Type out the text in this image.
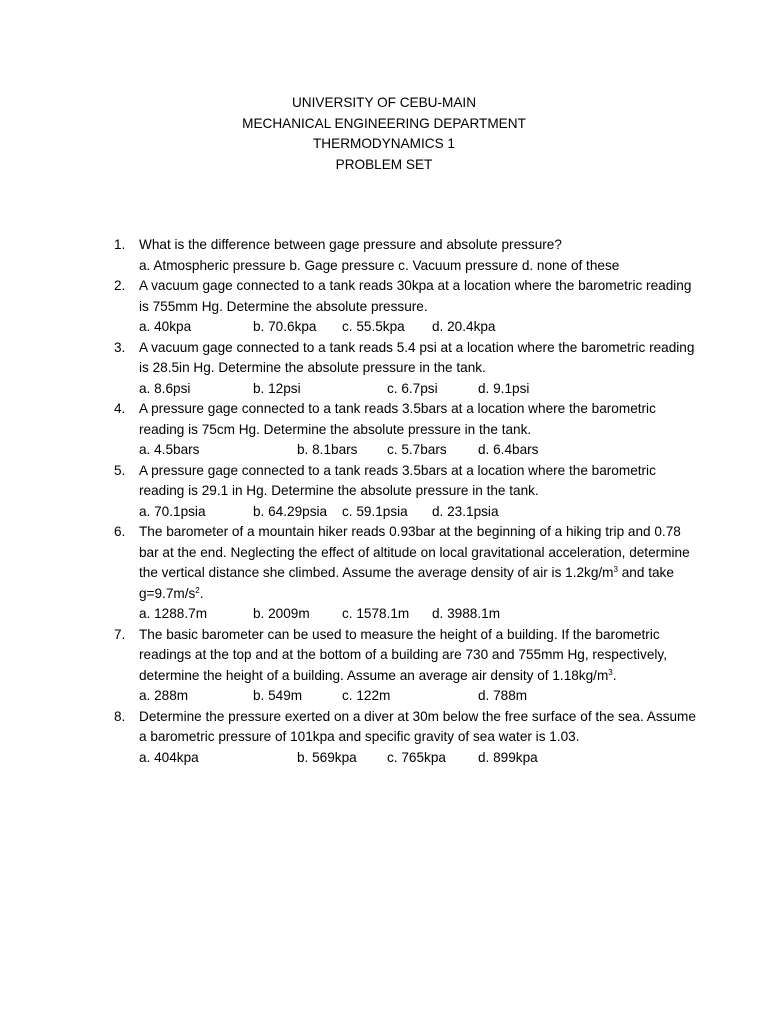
UNIVERSITY OF CEBU-MAIN
MECHANICAL ENGINEERING DEPARTMENT
THERMODYNAMICS 1
PROBLEM SET
1. What is the difference between gage pressure and absolute pressure?
a. Atmospheric pressure b. Gage pressure c. Vacuum pressure d. none of these
2. A vacuum gage connected to a tank reads 30kpa at a location where the barometric reading is 755mm Hg. Determine the absolute pressure.
a. 40kpa	b. 70.6kpa c. 55.5kpa d. 20.4kpa
3. A vacuum gage connected to a tank reads 5.4 psi at a location where the barometric reading is 28.5in Hg. Determine the absolute pressure in the tank.
a. 8.6psi	b. 12psi	c. 6.7psi	d. 9.1psi
4. A pressure gage connected to a tank reads 3.5bars at a location where the barometric reading is 75cm Hg. Determine the absolute pressure in the tank.
a. 4.5bars	b. 8.1bars c. 5.7bars d. 6.4bars
5. A pressure gage connected to a tank reads 3.5bars at a location where the barometric reading is 29.1 in Hg. Determine the absolute pressure in the tank.
a. 70.1psia	b. 64.29psia c. 59.1psia d. 23.1psia
6. The barometer of a mountain hiker reads 0.93bar at the beginning of a hiking trip and 0.78 bar at the end. Neglecting the effect of altitude on local gravitational acceleration, determine the vertical distance she climbed. Assume the average density of air is $1.2kg/m^3$ and take $g=9.7m/s^2$.
a. 1288.7m	b. 2009m c. 1578.1m d. 3988.1m
7. The basic barometer can be used to measure the height of a building. If the barometric readings at the top and at the bottom of a building are 730 and 755mm Hg, respectively, determine the height of a building. Assume an average air density of $1.18kg/m^3$.
a. 288m	b. 549m	c. 122m	d. 788m
8. Determine the pressure exerted on a diver at 30m below the free surface of the sea. Assume a barometric pressure of 101kpa and specific gravity of sea water is 1.03.
a. 404kpa	b. 569kpa c. 765kpa d. 899kpa
